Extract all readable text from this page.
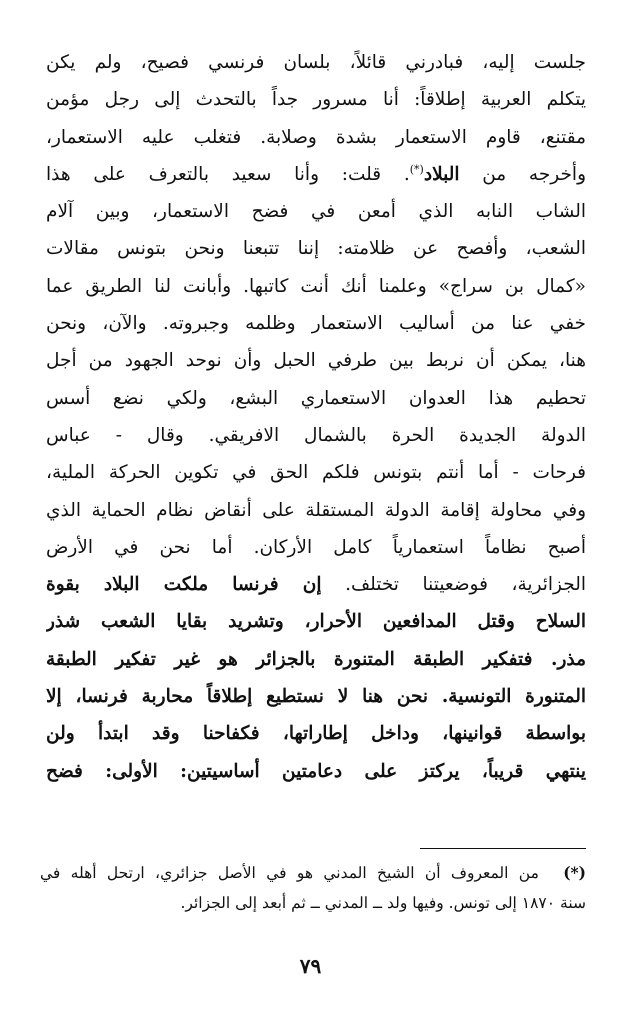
جلست إليه، فبادرني قائلاً، بلسان فرنسي فصيح، ولم يكن
يتكلم العربية إطلاقاً: أنا مسرور جداً بالتحدث إلى رجل مؤمن
مقتنع، قاوم الاستعمار بشدة وصلابة. فتغلب عليه الاستعمار،
وأخرجه من البلاد(*). قلت: وأنا سعيد بالتعرف على هذا
الشاب النابه الذي أمعن في فضح الاستعمار، وبين آلام
الشعب، وأفصح عن ظلامته: إننا تتبعنا ونحن بتونس مقالات
«كمال بن سراج» وعلمنا أنك أنت كاتبها. وأبانت لنا الطريق عما
خفي عنا من أساليب الاستعمار وظلمه وجبروته. والآن، ونحن
هنا، يمكن أن نربط بين طرفي الحبل وأن نوحد الجهود من أجل
تحطيم هذا العدوان الاستعماري البشع، ولكي نضع أسس
الدولة الجديدة الحرة بالشمال الافريقي. وقال - عباس
فرحات - أما أنتم بتونس فلكم الحق في تكوين الحركة الملية،
وفي محاولة إقامة الدولة المستقلة على أنقاض نظام الحماية الذي
أصبح نظاماً استعمارياً كامل الأركان. أما نحن في الأرض
الجزائرية، فوضعيتنا تختلف. إن فرنسا ملكت البلاد بقوة
السلاح وقتل المدافعين الأحرار، وتشريد بقايا الشعب شذر
مذر. فتفكير الطبقة المتنورة بالجزائر هو غير تفكير الطبقة
المتنورة التونسية. نحن هنا لا نستطيع إطلاقاً محاربة فرنسا، إلا
بواسطة قوانينها، وداخل إطاراتها، فكفاحنا وقد ابتدأ ولن
ينتهي قريباً، يركتز على دعامتين أساسيتين: الأولى: فضح
(*) من المعروف أن الشيخ المدني هو في الأصل جزائري، ارتحل أهله في
سنة ١٨٧٠ إلى تونس. وفيها ولد ــ المدني ــ ثم أبعد إلى الجزائر.
٧٩
